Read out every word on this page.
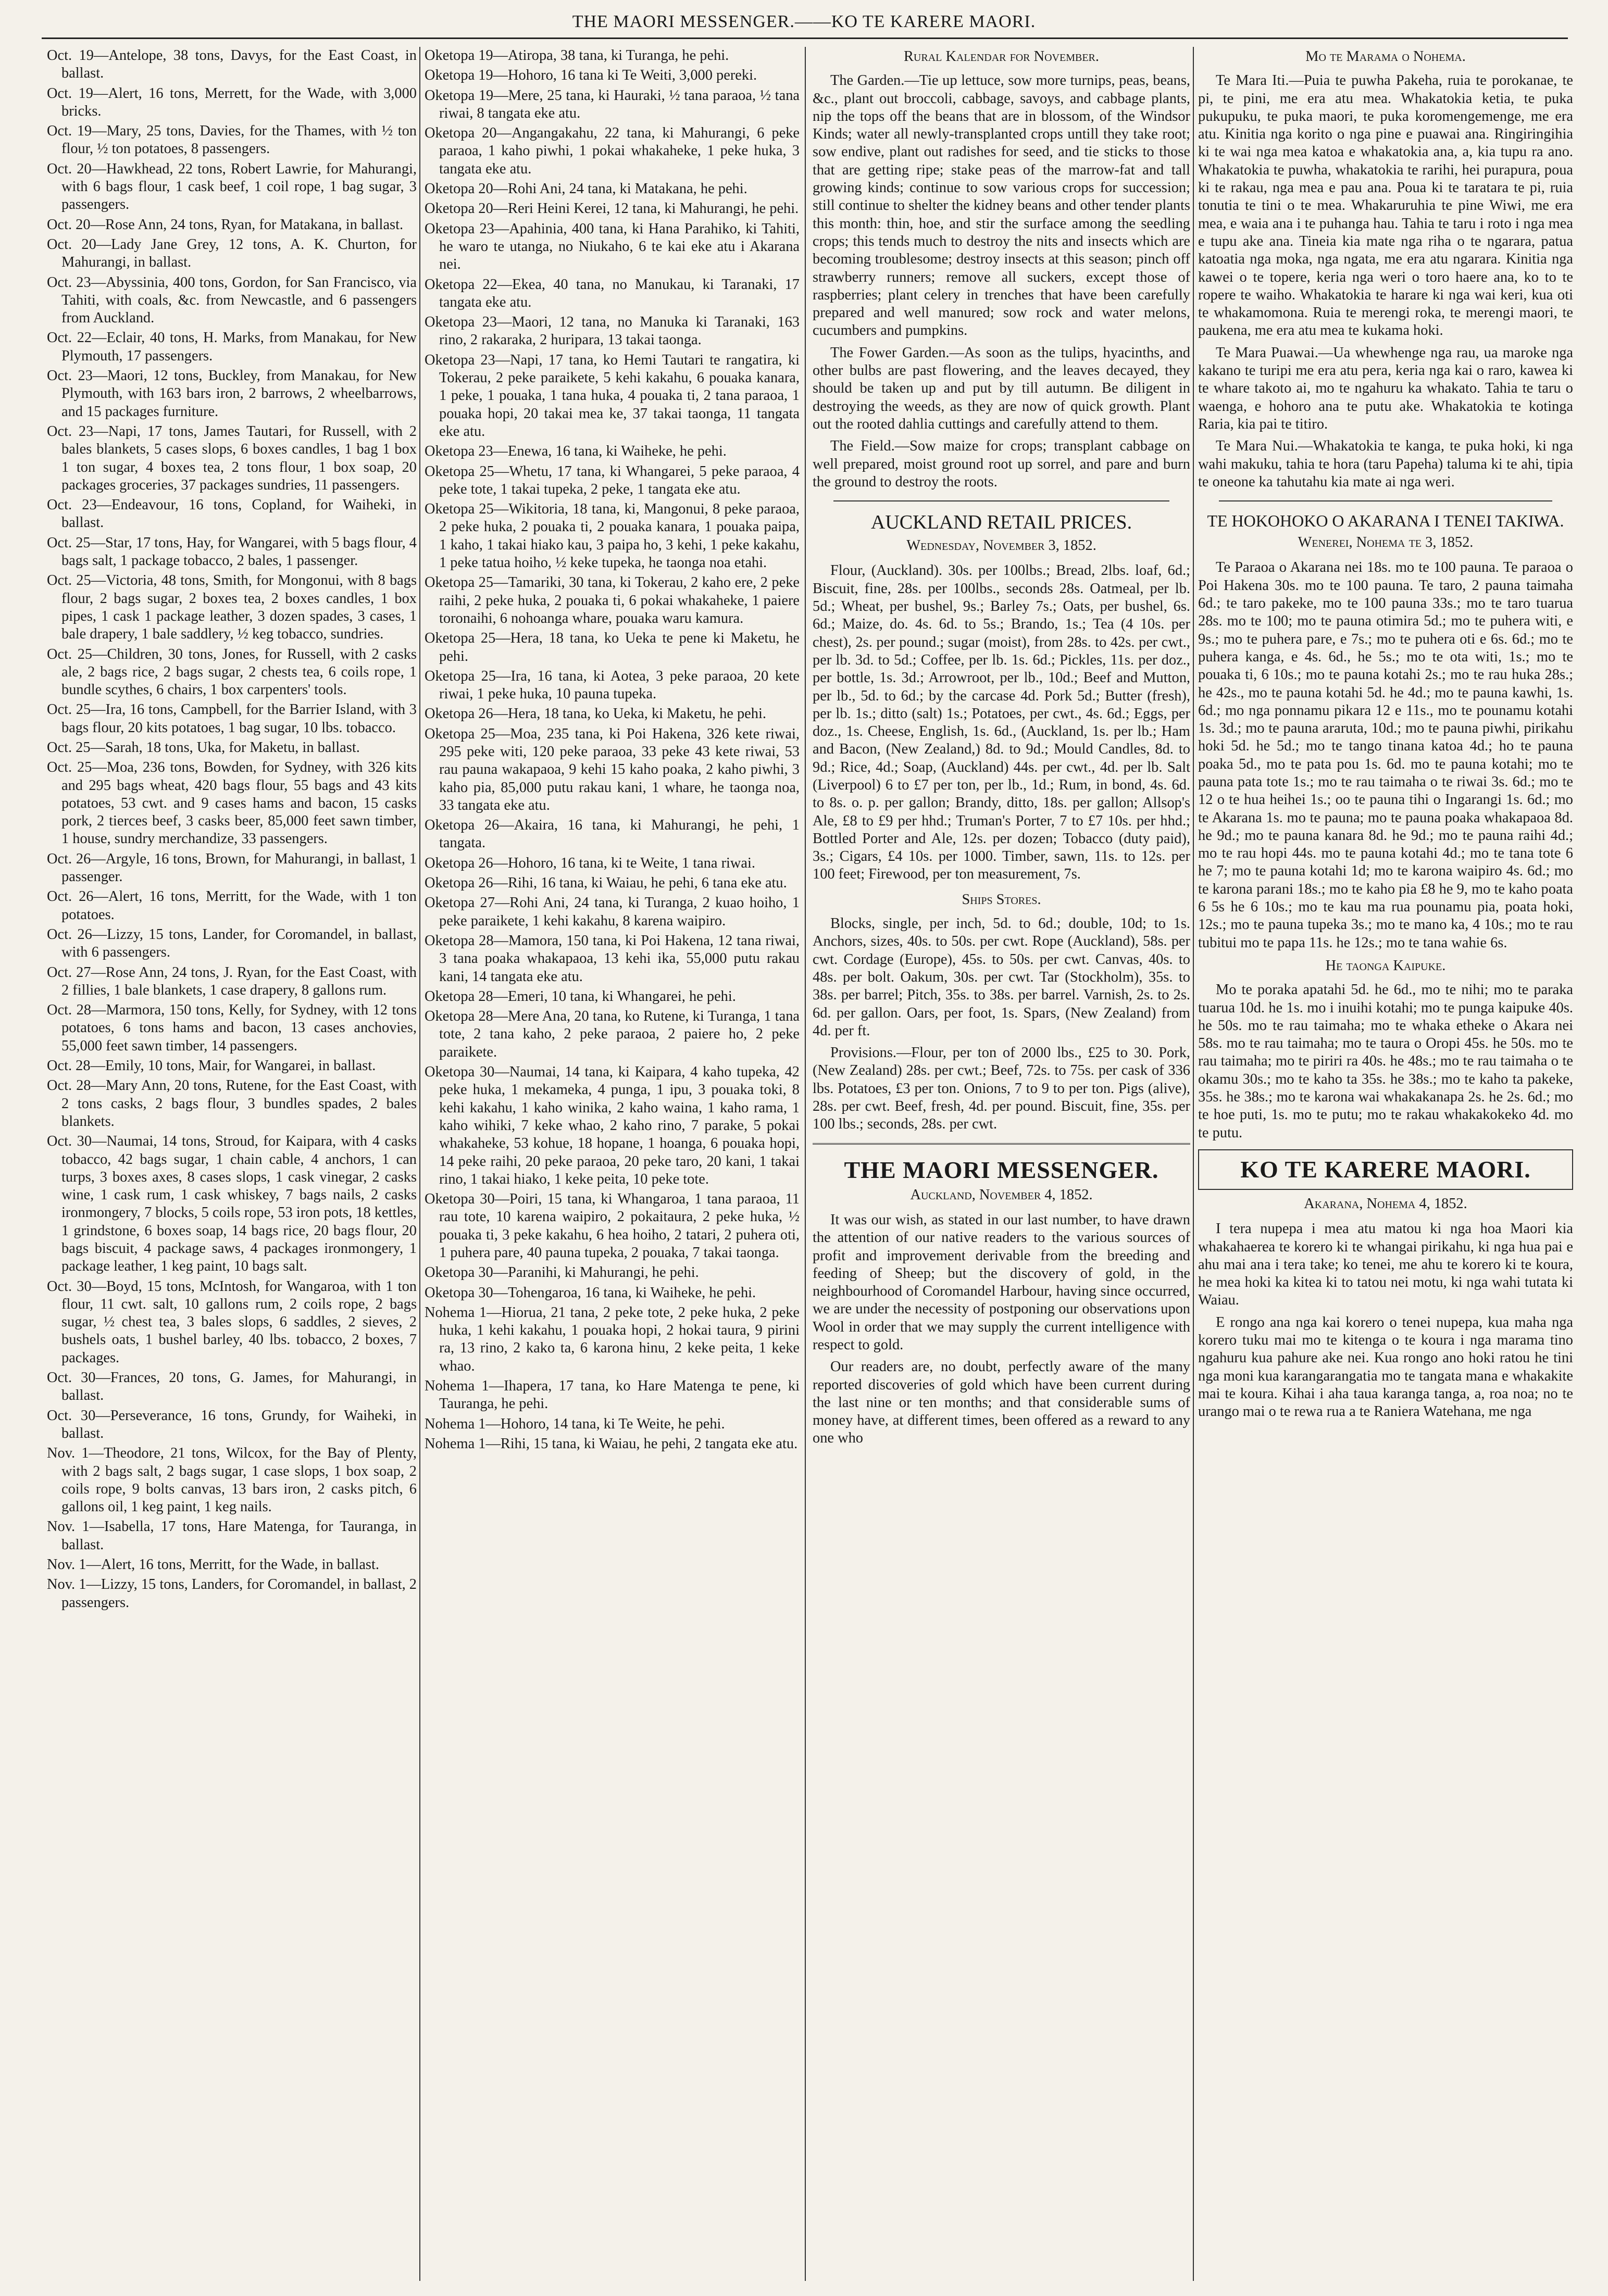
THE MAORI MESSENGER.——KO TE KARERE MAORI.

Oct. 19—Antelope, 38 tons, Davys, for the East Coast, in ballast.

Oct. 19—Alert, 16 tons, Merrett, for the Wade, with 3,000 bricks.

Oct. 19—Mary, 25 tons, Davies, for the Thames, with ½ ton flour, ½ ton potatoes, 8 passengers.

Oct. 20—Hawkhead, 22 tons, Robert Lawrie, for Mahurangi, with 6 bags flour, 1 cask beef, 1 coil rope, 1 bag sugar, 3 passengers.

Oct. 20—Rose Ann, 24 tons, Ryan, for Matakana, in ballast.

Oct. 20—Lady Jane Grey, 12 tons, A. K. Churton, for Mahurangi, in ballast.

Oct. 23—Abyssinia, 400 tons, Gordon, for San Francisco, via Tahiti, with coals, &c. from Newcastle, and 6 passengers from Auckland.

Oct. 22—Eclair, 40 tons, H. Marks, from Manakau, for New Plymouth, 17 passengers.

Oct. 23—Maori, 12 tons, Buckley, from Manakau, for New Plymouth, with 163 bars iron, 2 barrows, 2 wheelbarrows, and 15 packages furniture.

Oct. 23—Napi, 17 tons, James Tautari, for Russell, with 2 bales blankets, 5 cases slops, 6 boxes candles, 1 bag 1 box 1 ton sugar, 4 boxes tea, 2 tons flour, 1 box soap, 20 packages groceries, 37 packages sundries, 11 passengers.

Oct. 23—Endeavour, 16 tons, Copland, for Waiheki, in ballast.

Oct. 25—Star, 17 tons, Hay, for Wangarei, with 5 bags flour, 4 bags salt, 1 package tobacco, 2 bales, 1 passenger.

Oct. 25—Victoria, 48 tons, Smith, for Mongonui, with 8 bags flour, 2 bags sugar, 2 boxes tea, 2 boxes candles, 1 box pipes, 1 cask 1 package leather, 3 dozen spades, 3 cases, 1 bale drapery, 1 bale saddlery, ½ keg tobacco, sundries.

Oct. 25—Children, 30 tons, Jones, for Russell, with 2 casks ale, 2 bags rice, 2 bags sugar, 2 chests tea, 6 coils rope, 1 bundle scythes, 6 chairs, 1 box carpenters' tools.

Oct. 25—Ira, 16 tons, Campbell, for the Barrier Island, with 3 bags flour, 20 kits potatoes, 1 bag sugar, 10 lbs. tobacco.

Oct. 25—Sarah, 18 tons, Uka, for Maketu, in ballast.

Oct. 25—Moa, 236 tons, Bowden, for Sydney, with 326 kits and 295 bags wheat, 420 bags flour, 55 bags and 43 kits potatoes, 53 cwt. and 9 cases hams and bacon, 15 casks pork, 2 tierces beef, 3 casks beer, 85,000 feet sawn timber, 1 house, sundry merchandize, 33 passengers.

Oct. 26—Argyle, 16 tons, Brown, for Mahurangi, in ballast, 1 passenger.

Oct. 26—Alert, 16 tons, Merritt, for the Wade, with 1 ton potatoes.

Oct. 26—Lizzy, 15 tons, Lander, for Coromandel, in ballast, with 6 passengers.

Oct. 27—Rose Ann, 24 tons, J. Ryan, for the East Coast, with 2 fillies, 1 bale blankets, 1 case drapery, 8 gallons rum.

Oct. 28—Marmora, 150 tons, Kelly, for Sydney, with 12 tons potatoes, 6 tons hams and bacon, 13 cases anchovies, 55,000 feet sawn timber, 14 passengers.

Oct. 28—Emily, 10 tons, Mair, for Wangarei, in ballast.

Oct. 28—Mary Ann, 20 tons, Rutene, for the East Coast, with 2 tons casks, 2 bags flour, 3 bundles spades, 2 bales blankets.

Oct. 30—Naumai, 14 tons, Stroud, for Kaipara, with 4 casks tobacco, 42 bags sugar, 1 chain cable, 4 anchors, 1 can turps, 3 boxes axes, 8 cases slops, 1 cask vinegar, 2 casks wine, 1 cask rum, 1 cask whiskey, 7 bags nails, 2 casks ironmongery, 7 blocks, 5 coils rope, 53 iron pots, 18 kettles, 1 grindstone, 6 boxes soap, 14 bags rice, 20 bags flour, 20 bags biscuit, 4 package saws, 4 packages ironmongery, 1 package leather, 1 keg paint, 10 bags salt.

Oct. 30—Boyd, 15 tons, McIntosh, for Wangaroa, with 1 ton flour, 11 cwt. salt, 10 gallons rum, 2 coils rope, 2 bags sugar, ½ chest tea, 3 bales slops, 6 saddles, 2 sieves, 2 bushels oats, 1 bushel barley, 40 lbs. tobacco, 2 boxes, 7 packages.

Oct. 30—Frances, 20 tons, G. James, for Mahurangi, in ballast.

Oct. 30—Perseverance, 16 tons, Grundy, for Waiheki, in ballast.

Nov. 1—Theodore, 21 tons, Wilcox, for the Bay of Plenty, with 2 bags salt, 2 bags sugar, 1 case slops, 1 box soap, 2 coils rope, 9 bolts canvas, 13 bars iron, 2 casks pitch, 6 gallons oil, 1 keg paint, 1 keg nails.

Nov. 1—Isabella, 17 tons, Hare Matenga, for Tauranga, in ballast.

Nov. 1—Alert, 16 tons, Merritt, for the Wade, in ballast.

Nov. 1—Lizzy, 15 tons, Landers, for Coromandel, in ballast, 2 passengers.

Oketopa 19—Atiropa, 38 tana, ki Turanga, he pehi.

Oketopa 19—Hohoro, 16 tana ki Te Weiti, 3,000 pereki.

Oketopa 19—Mere, 25 tana, ki Hauraki, ½ tana paraoa, ½ tana riwai, 8 tangata eke atu.

Oketopa 20—Angangakahu, 22 tana, ki Mahurangi, 6 peke paraoa, 1 kaho piwhi, 1 pokai whakaheke, 1 peke huka, 3 tangata eke atu.

Oketopa 20—Rohi Ani, 24 tana, ki Matakana, he pehi.

Oketopa 20—Reri Heini Kerei, 12 tana, ki Mahurangi, he pehi.

Oketopa 23—Apahinia, 400 tana, ki Hana Parahiko, ki Tahiti, he waro te utanga, no Niukaho, 6 te kai eke atu i Akarana nei.

Oketopa 22—Ekea, 40 tana, no Manukau, ki Taranaki, 17 tangata eke atu.

Oketopa 23—Maori, 12 tana, no Manuka ki Taranaki, 163 rino, 2 rakaraka, 2 huripara, 13 takai taonga.

Oketopa 23—Napi, 17 tana, ko Hemi Tautari te rangatira, ki Tokerau, 2 peke paraikete, 5 kehi kakahu, 6 pouaka kanara, 1 peke, 1 pouaka, 1 tana huka, 4 pouaka ti, 2 tana paraoa, 1 pouaka hopi, 20 takai mea ke, 37 takai taonga, 11 tangata eke atu.

Oketopa 23—Enewa, 16 tana, ki Waiheke, he pehi.

Oketopa 25—Whetu, 17 tana, ki Whangarei, 5 peke paraoa, 4 peke tote, 1 takai tupeka, 2 peke, 1 tangata eke atu.

Oketopa 25—Wikitoria, 18 tana, ki, Mangonui, 8 peke paraoa, 2 peke huka, 2 pouaka ti, 2 pouaka kanara, 1 pouaka paipa, 1 kaho, 1 takai hiako kau, 3 paipa ho, 3 kehi, 1 peke kakahu, 1 peke tatua hoiho, ½ keke tupeka, he taonga noa etahi.

Oketopa 25—Tamariki, 30 tana, ki Tokerau, 2 kaho ere, 2 peke raihi, 2 peke huka, 2 pouaka ti, 6 pokai whakaheke, 1 paiere toronaihi, 6 nohoanga whare, pouaka waru kamura.

Oketopa 25—Hera, 18 tana, ko Ueka te pene ki Maketu, he pehi.

Oketopa 25—Ira, 16 tana, ki Aotea, 3 peke paraoa, 20 kete riwai, 1 peke huka, 10 pauna tupeka.

Oketopa 26—Hera, 18 tana, ko Ueka, ki Maketu, he pehi.

Oketopa 25—Moa, 235 tana, ki Poi Hakena, 326 kete riwai, 295 peke witi, 120 peke paraoa, 33 peke 43 kete riwai, 53 rau pauna wakapaoa, 9 kehi 15 kaho poaka, 2 kaho piwhi, 3 kaho pia, 85,000 putu rakau kani, 1 whare, he taonga noa, 33 tangata eke atu.

Oketopa 26—Akaira, 16 tana, ki Mahurangi, he pehi, 1 tangata.

Oketopa 26—Hohoro, 16 tana, ki te Weite, 1 tana riwai.

Oketopa 26—Rihi, 16 tana, ki Waiau, he pehi, 6 tana eke atu.

Oketopa 27—Rohi Ani, 24 tana, ki Turanga, 2 kuao hoiho, 1 peke paraikete, 1 kehi kakahu, 8 karena waipiro.

Oketopa 28—Mamora, 150 tana, ki Poi Hakena, 12 tana riwai, 3 tana poaka whakapaoa, 13 kehi ika, 55,000 putu rakau kani, 14 tangata eke atu.

Oketopa 28—Emeri, 10 tana, ki Whangarei, he pehi.

Oketopa 28—Mere Ana, 20 tana, ko Rutene, ki Turanga, 1 tana tote, 2 tana kaho, 2 peke paraoa, 2 paiere ho, 2 peke paraikete.

Oketopa 30—Naumai, 14 tana, ki Kaipara, 4 kaho tupeka, 42 peke huka, 1 mekameka, 4 punga, 1 ipu, 3 pouaka toki, 8 kehi kakahu, 1 kaho winika, 2 kaho waina, 1 kaho rama, 1 kaho wihiki, 7 keke whao, 2 kaho rino, 7 parake, 5 pokai whakaheke, 53 kohue, 18 hopane, 1 hoanga, 6 pouaka hopi, 14 peke raihi, 20 peke paraoa, 20 peke taro, 20 kani, 1 takai rino, 1 takai hiako, 1 keke peita, 10 peke tote.

Oketopa 30—Poiri, 15 tana, ki Whangaroa, 1 tana paraoa, 11 rau tote, 10 karena waipiro, 2 pokaitaura, 2 peke huka, ½ pouaka ti, 3 peke kakahu, 6 hea hoiho, 2 tatari, 2 puhera oti, 1 puhera pare, 40 pauna tupeka, 2 pouaka, 7 takai taonga.

Oketopa 30—Paranihi, ki Mahurangi, he pehi.

Oketopa 30—Tohengaroa, 16 tana, ki Waiheke, he pehi.

Nohema 1—Hiorua, 21 tana, 2 peke tote, 2 peke huka, 2 peke huka, 1 kehi kakahu, 1 pouaka hopi, 2 hokai taura, 9 pirini ra, 13 rino, 2 kako ta, 6 karona hinu, 2 keke peita, 1 keke whao.

Nohema 1—Ihapera, 17 tana, ko Hare Matenga te pene, ki Tauranga, he pehi.

Nohema 1—Hohoro, 14 tana, ki Te Weite, he pehi.

Nohema 1—Rihi, 15 tana, ki Waiau, he pehi, 2 tangata eke atu.

Rural Kalendar for November.

The Garden.—Tie up lettuce, sow more turnips, peas, beans, &c., plant out broccoli, cabbage, savoys, and cabbage plants, nip the tops off the beans that are in blossom, of the Windsor Kinds; water all newly-transplanted crops untill they take root; sow endive, plant out radishes for seed, and tie sticks to those that are getting ripe; stake peas of the marrow-fat and tall growing kinds; continue to sow various crops for succession; still continue to shelter the kidney beans and other tender plants this month: thin, hoe, and stir the surface among the seedling crops; this tends much to destroy the nits and insects which are becoming troublesome; destroy insects at this season; pinch off strawberry runners; remove all suckers, except those of raspberries; plant celery in trenches that have been carefully prepared and well manured; sow rock and water melons, cucumbers and pumpkins.

The Fower Garden.—As soon as the tulips, hyacinths, and other bulbs are past flowering, and the leaves decayed, they should be taken up and put by till autumn. Be diligent in destroying the weeds, as they are now of quick growth. Plant out the rooted dahlia cuttings and carefully attend to them.

The Field.—Sow maize for crops; transplant cabbage on well prepared, moist ground root up sorrel, and pare and burn the ground to destroy the roots.

AUCKLAND RETAIL PRICES.
Wednesday, November 3, 1852.

Flour, (Auckland). 30s. per 100lbs.; Bread, 2lbs. loaf, 6d.; Biscuit, fine, 28s. per 100lbs., seconds 28s. Oatmeal, per lb. 5d.; Wheat, per bushel, 9s.; Barley 7s.; Oats, per bushel, 6s. 6d.; Maize, do. 4s. 6d. to 5s.; Brando, 1s.; Tea (4 10s. per chest), 2s. per pound.; sugar (moist), from 28s. to 42s. per cwt., per lb. 3d. to 5d.; Coffee, per lb. 1s. 6d.; Pickles, 11s. per doz., per bottle, 1s. 3d.; Arrowroot, per lb., 10d.; Beef and Mutton, per lb., 5d. to 6d.; by the carcase 4d. Pork 5d.; Butter (fresh), per lb. 1s.; ditto (salt) 1s.; Potatoes, per cwt., 4s. 6d.; Eggs, per doz., 1s. Cheese, English, 1s. 6d., (Auckland, 1s. per lb.; Ham and Bacon, (New Zealand,) 8d. to 9d.; Mould Candles, 8d. to 9d.; Rice, 4d.; Soap, (Auckland) 44s. per cwt., 4d. per lb. Salt (Liverpool) 6 to £7 per ton, per lb., 1d.; Rum, in bond, 4s. 6d. to 8s. o. p. per gallon; Brandy, ditto, 18s. per gallon; Allsop's Ale, £8 to £9 per hhd.; Truman's Porter, 7 to £7 10s. per hhd.; Bottled Porter and Ale, 12s. per dozen; Tobacco (duty paid), 3s.; Cigars, £4 10s. per 1000. Timber, sawn, 11s. to 12s. per 100 feet; Firewood, per ton measurement, 7s.

Ships Stores.

Blocks, single, per inch, 5d. to 6d.; double, 10d; to 1s. Anchors, sizes, 40s. to 50s. per cwt. Rope (Auckland), 58s. per cwt. Cordage (Europe), 45s. to 50s. per cwt. Canvas, 40s. to 48s. per bolt. Oakum, 30s. per cwt. Tar (Stockholm), 35s. to 38s. per barrel; Pitch, 35s. to 38s. per barrel. Varnish, 2s. to 2s. 6d. per gallon. Oars, per foot, 1s. Spars, (New Zealand) from 4d. per ft.

Provisions.—Flour, per ton of 2000 lbs., £25 to 30. Pork, (New Zealand) 28s. per cwt.; Beef, 72s. to 75s. per cask of 336 lbs. Potatoes, £3 per ton. Onions, 7 to 9 to per ton. Pigs (alive), 28s. per cwt. Beef, fresh, 4d. per pound. Biscuit, fine, 35s. per 100 lbs.; seconds, 28s. per cwt.

THE MAORI MESSENGER.
Auckland, November 4, 1852.

It was our wish, as stated in our last number, to have drawn the attention of our native readers to the various sources of profit and improvement derivable from the breeding and feeding of Sheep; but the discovery of gold, in the neighbourhood of Coromandel Harbour, having since occurred, we are under the necessity of postponing our observations upon Wool in order that we may supply the current intelligence with respect to gold.

Our readers are, no doubt, perfectly aware of the many reported discoveries of gold which have been current during the last nine or ten months; and that considerable sums of money have, at different times, been offered as a reward to any one who

Mo te Marama o Nohema.

Te Mara Iti.—Puia te puwha Pakeha, ruia te porokanae, te pi, te pini, me era atu mea. Whakatokia ketia, te puka pukupuku, te puka maori, te puka koromengemenge, me era atu. Kinitia nga korito o nga pine e puawai ana. Ringiringihia ki te wai nga mea katoa e whakatokia ana, a, kia tupu ra ano. Whakatokia te puwha, whakatokia te rarihi, hei purapura, poua ki te rakau, nga mea e pau ana. Poua ki te taratara te pi, ruia tonutia te tini o te mea. Whakaruruhia te pine Wiwi, me era mea, e waia ana i te puhanga hau. Tahia te taru i roto i nga mea e tupu ake ana. Tineia kia mate nga riha o te ngarara, patua katoatia nga moka, nga ngata, me era atu ngarara. Kinitia nga kawei o te topere, keria nga weri o toro haere ana, ko to te ropere te waiho. Whakatokia te harare ki nga wai keri, kua oti te whakamomona. Ruia te merengi roka, te merengi maori, te paukena, me era atu mea te kukama hoki.

Te Mara Puawai.—Ua whewhenge nga rau, ua maroke nga kakano te turipi me era atu pera, keria nga kai o raro, kawea ki te whare takoto ai, mo te ngahuru ka whakato. Tahia te taru o waenga, e hohoro ana te putu ake. Whakatokia te kotinga Raria, kia pai te titiro.

Te Mara Nui.—Whakatokia te kanga, te puka hoki, ki nga wahi makuku, tahia te hora (taru Papeha) taluma ki te ahi, tipia te oneone ka tahutahu kia mate ai nga weri.

TE HOKOHOKO O AKARANA I TENEI TAKIWA.
Wenerei, Nohema te 3, 1852.

Te Paraoa o Akarana nei 18s. mo te 100 pauna. Te paraoa o Poi Hakena 30s. mo te 100 pauna. Te taro, 2 pauna taimaha 6d.; te taro pakeke, mo te 100 pauna 33s.; mo te taro tuarua 28s. mo te 100; mo te pauna otimira 5d.; mo te puhera witi, e 9s.; mo te puhera pare, e 7s.; mo te puhera oti e 6s. 6d.; mo te puhera kanga, e 4s. 6d., he 5s.; mo te ota witi, 1s.; mo te pouaka ti, 6 10s.; mo te pauna kotahi 2s.; mo te rau huka 28s.; he 42s., mo te pauna kotahi 5d. he 4d.; mo te pauna kawhi, 1s. 6d.; mo nga ponnamu pikara 12 e 11s., mo te pounamu kotahi 1s. 3d.; mo te pauna araruta, 10d.; mo te pauna piwhi, pirikahu hoki 5d. he 5d.; mo te tango tinana katoa 4d.; ho te pauna poaka 5d., mo te pata pou 1s. 6d. mo te pauna kotahi; mo te pauna pata tote 1s.; mo te rau taimaha o te riwai 3s. 6d.; mo te 12 o te hua heihei 1s.; oo te pauna tihi o Ingarangi 1s. 6d.; mo te Akarana 1s. mo te pauna; mo te pauna poaka whakapaoa 8d. he 9d.; mo te pauna kanara 8d. he 9d.; mo te pauna raihi 4d.; mo te rau hopi 44s. mo te pauna kotahi 4d.; mo te tana tote 6 he 7; mo te pauna kotahi 1d; mo te karona waipiro 4s. 6d.; mo te karona parani 18s.; mo te kaho pia £8 he 9, mo te kaho poata 6 5s he 6 10s.; mo te kau ma rua pounamu pia, poata hoki, 12s.; mo te pauna tupeka 3s.; mo te mano ka, 4 10s.; mo te rau tubitui mo te papa 11s. he 12s.; mo te tana wahie 6s.

He taonga Kaipuke.

Mo te poraka apatahi 5d. he 6d., mo te nihi; mo te paraka tuarua 10d. he 1s. mo i inuihi kotahi; mo te punga kaipuke 40s. he 50s. mo te rau taimaha; mo te whaka etheke o Akara nei 58s. mo te rau taimaha; mo te taura o Oropi 45s. he 50s. mo te rau taimaha; mo te piriri ra 40s. he 48s.; mo te rau taimaha o te okamu 30s.; mo te kaho ta 35s. he 38s.; mo te kaho ta pakeke, 35s. he 38s.; mo te karona wai whakakanapa 2s. he 2s. 6d.; mo te hoe puti, 1s. mo te putu; mo te rakau whakakokeko 4d. mo te putu.

KO TE KARERE MAORI.
Akarana, Nohema 4, 1852.

I tera nupepa i mea atu matou ki nga hoa Maori kia whakahaerea te korero ki te whangai pirikahu, ki nga hua pai e ahu mai ana i tera take; ko tenei, me ahu te korero ki te koura, he mea hoki ka kitea ki to tatou nei motu, ki nga wahi tutata ki Waiau.

E rongo ana nga kai korero o tenei nupepa, kua maha nga korero tuku mai mo te kitenga o te koura i nga marama tino ngahuru kua pahure ake nei. Kua rongo ano hoki ratou he tini nga moni kua karangarangatia mo te tangata mana e whakakite mai te koura. Kihai i aha taua karanga tanga, a, roa noa; no te urango mai o te rewa rua a te Raniera Watehana, me nga
